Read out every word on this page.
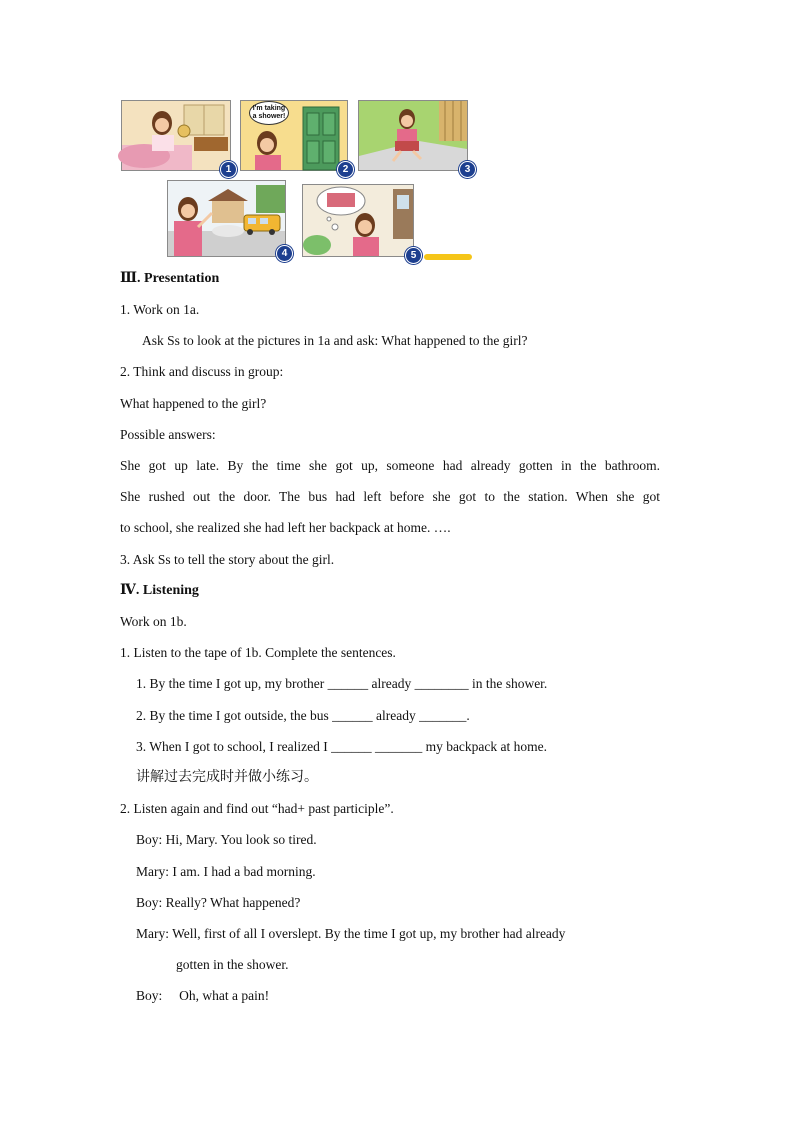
1
I'm taking a shower!
2	3
4	5
Ⅲ. Presentation
1. Work on 1a.
Ask Ss to look at the pictures in 1a and ask: What happened to the girl?
2. Think and discuss in group:
What happened to the girl?
Possible answers:
She got up late. By the time she got up, someone had already gotten in the bathroom.
She rushed out the door. The bus had left before she got to the station. When she got
to school, she realized she had left her backpack at home. ….
3. Ask Ss to tell the story about the girl.
Ⅳ. Listening
Work on 1b.
1. Listen to the tape of 1b. Complete the sentences.
1. By the time I got up, my brother ______ already ________ in the shower.
2. By the time I got outside, the bus ______ already _______.
3. When I got to school, I realized I ______ _______ my backpack at home.
讲解过去完成时并做小练习。
2. Listen again and find out “had+ past participle”.
Boy: Hi, Mary. You look so tired.
Mary: I am. I had a bad morning.
Boy: Really? What happened?
Mary: Well, first of all I overslept. By the time I got up, my brother had already
gotten in the shower.
Boy:     Oh, what a pain!
